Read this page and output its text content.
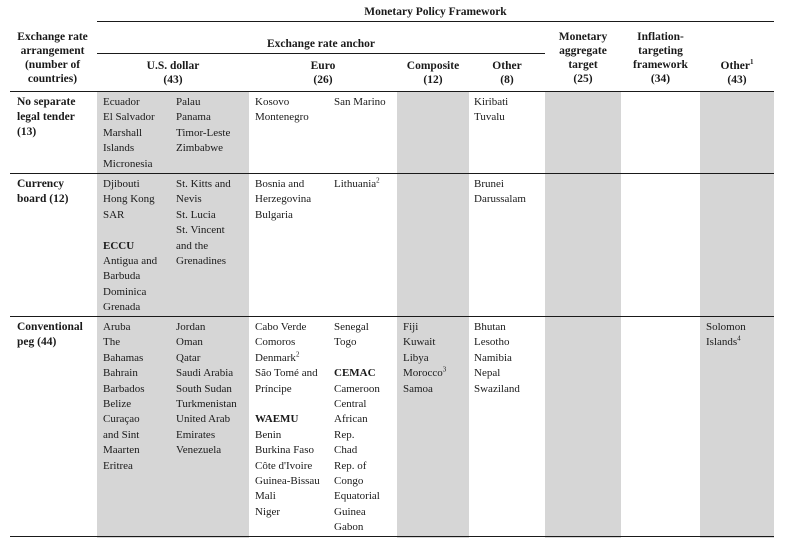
Monetary Policy Framework
Exchange rate
arrangement
(number of
countries)
Exchange rate anchor
U.S. dollar
(43)
Euro
(26)
Composite
(12)
Other
(8)
Monetary
aggregate
target
(25)
Inflation-
targeting
framework
(34)
Other$^1$
(43)
No separate
legal tender
(13)
Ecuador
El Salvador
Marshall
Islands
Micronesia
Palau
Panama
Timor-Leste
Zimbabwe
Kosovo
Montenegro
San Marino	Kiribati
Tuvalu
Currency
board (12)
Djibouti
Hong Kong
SAR

ECCU
Antigua and
Barbuda
Dominica
Grenada
St. Kitts and
Nevis
St. Lucia
St. Vincent
and the
Grenadines
Bosnia and
Herzegovina
Bulgaria
Lithuania$^2$	Brunei
Darussalam
Conventional
peg (44)
Aruba
The
Bahamas
Bahrain
Barbados
Belize
Curaçao
and Sint
Maarten
Eritrea
Jordan
Oman
Qatar
Saudi Arabia
South Sudan
Turkmenistan
United Arab
Emirates
Venezuela
Cabo Verde
Comoros
Denmark$^2$
São Tomé and
Príncipe

WAEMU
Benin
Burkina Faso
Côte d'Ivoire
Guinea-Bissau
Mali
Niger
Senegal
Togo

CEMAC
Cameroon
Central
African
Rep.
Chad
Rep. of
Congo
Equatorial
Guinea
Gabon
Fiji
Kuwait
Libya
Morocco$^3$
Samoa
Bhutan
Lesotho
Namibia
Nepal
Swaziland
Solomon
Islands$^4$
